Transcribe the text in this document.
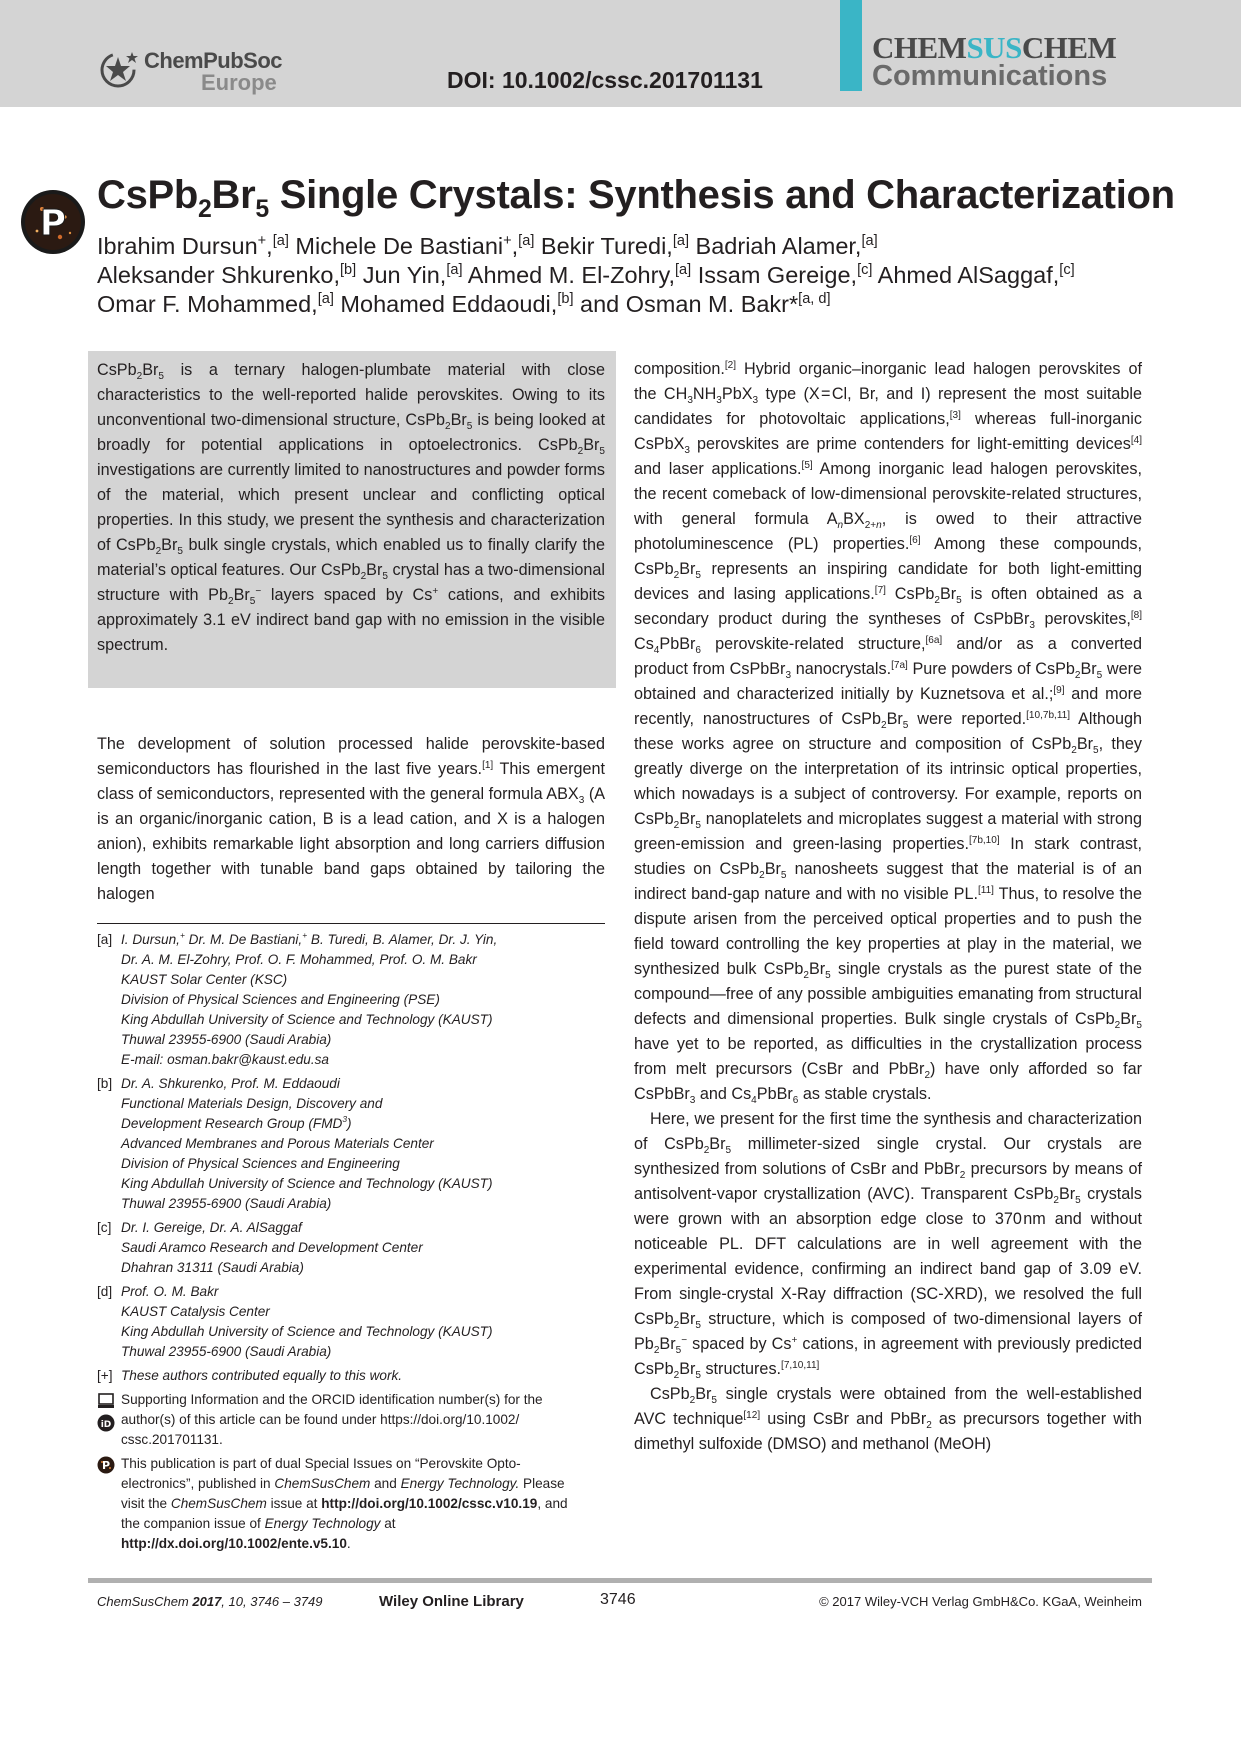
ChemPubSoc
Europe	DOI: 10.1002/cssc.201701131
CHEMSUSCHEM
Communications
P
$CsPb_2Br_5$ Single Crystals: Synthesis and Characterization
Ibrahim Dursun+,[a] Michele De Bastiani+,[a] Bekir Turedi,[a] Badriah Alamer,[a]
Aleksander Shkurenko,[b] Jun Yin,[a] Ahmed M. El-Zohry,[a] Issam Gereige,[c] Ahmed AlSaggaf,[c]
Omar F. Mohammed,[a] Mohamed Eddaoudi,[b] and Osman M. Bakr*[a, d]
$CsPb_2Br_5$ is a ternary halogen-plumbate material with close characteristics to the well-reported halide perovskites. Owing to its unconventional two-dimensional structure, $CsPb_2Br_5$ is being looked at broadly for potential applications in optoelectronics. $CsPb_2Br_5$ investigations are currently limited to nanostructures and powder forms of the material, which present unclear and conflicting optical properties. In this study, we present the synthesis and characterization of $CsPb_2Br_5$ bulk single crystals, which enabled us to finally clarify the material’s optical features. Our $CsPb_2Br_5$ crystal has a two-dimensional structure with $Pb_2Br_5^-$ layers spaced by Cs+ cations, and exhibits approximately 3.1 eV indirect band gap with no emission in the visible spectrum.
The development of solution processed halide perovskite-based semiconductors has flourished in the last five years.[1] This emergent class of semiconductors, represented with the general formula $ABX_3$ (A is an organic/inorganic cation, B is a lead cation, and X is a halogen anion), exhibits remarkable light absorption and long carriers diffusion length together with tunable band gaps obtained by tailoring the halogen
[a] I. Dursun,+ Dr. M. De Bastiani,+ B. Turedi, B. Alamer, Dr. J. Yin,
Dr. A. M. El-Zohry, Prof. O. F. Mohammed, Prof. O. M. Bakr
KAUST Solar Center (KSC)
Division of Physical Sciences and Engineering (PSE)
King Abdullah University of Science and Technology (KAUST)
Thuwal 23955-6900 (Saudi Arabia)
E-mail: osman.bakr@kaust.edu.sa
[b] Dr. A. Shkurenko, Prof. M. Eddaoudi
Functional Materials Design, Discovery and
Development Research Group (FMD$^3$)
Advanced Membranes and Porous Materials Center
Division of Physical Sciences and Engineering
King Abdullah University of Science and Technology (KAUST)
Thuwal 23955-6900 (Saudi Arabia)
[c] Dr. I. Gereige, Dr. A. AlSaggaf
Saudi Aramco Research and Development Center
Dhahran 31311 (Saudi Arabia)
[d] Prof. O. M. Bakr
KAUST Catalysis Center
King Abdullah University of Science and Technology (KAUST)
Thuwal 23955-6900 (Saudi Arabia)
[+] These authors contributed equally to this work.
iD
Supporting Information and the ORCID identification number(s) for the
author(s) of this article can be found under https://doi.org/10.1002/
cssc.201701131.
P This publication is part of dual Special Issues on “Perovskite Opto-
electronics”, published in ChemSusChem and Energy Technology. Please
visit the ChemSusChem issue at http://doi.org/10.1002/cssc.v10.19, and
the companion issue of Energy Technology at
http://dx.doi.org/10.1002/ente.v5.10.

composition.[2] Hybrid organic–inorganic lead halogen perovskites of the $CH_3NH_3PbX_3$ type (X = Cl, Br, and I) represent the most suitable candidates for photovoltaic applications,[3] whereas full-inorganic CsPbX$_3$ perovskites are prime contenders for light-emitting devices[4] and laser applications.[5] Among inorganic lead halogen perovskites, the recent comeback of low-dimensional perovskite-related structures, with general formula $A_nBX_{2+n}$, is owed to their attractive photoluminescence (PL) properties.[6] Among these compounds, $CsPb_2Br_5$ represents an inspiring candidate for both light-emitting devices and lasing applications.[7] $CsPb_2Br_5$ is often obtained as a secondary product during the syntheses of CsPbBr$_3$ perovskites,[8] $Cs_4PbBr_6$ perovskite-related structure,[6a] and/or as a converted product from CsPbBr$_3$ nanocrystals.[7a] Pure powders of $CsPb_2Br_5$ were obtained and characterized initially by Kuznetsova et al.;[9] and more recently, nanostructures of $CsPb_2Br_5$ were reported.[10,7b,11] Although these works agree on structure and composition of $CsPb_2Br_5$, they greatly diverge on the interpretation of its intrinsic optical properties, which nowadays is a subject of controversy. For example, reports on $CsPb_2Br_5$ nanoplatelets and microplates suggest a material with strong green-emission and green-lasing properties.[7b,10] In stark contrast, studies on $CsPb_2Br_5$ nanosheets suggest that the material is of an indirect band-gap nature and with no visible PL.[11] Thus, to resolve the dispute arisen from the perceived optical properties and to push the field toward controlling the key properties at play in the material, we synthesized bulk $CsPb_2Br_5$ single crystals as the purest state of the compound—free of any possible ambiguities emanating from structural defects and dimensional properties. Bulk single crystals of $CsPb_2Br_5$ have yet to be reported, as difficulties in the crystallization process from melt precursors (CsBr and PbBr$_2$) have only afforded so far CsPbBr$_3$ and $Cs_4PbBr_6$ as stable crystals.

Here, we present for the first time the synthesis and characterization of $CsPb_2Br_5$ millimeter-sized single crystal. Our crystals are synthesized from solutions of CsBr and PbBr$_2$ precursors by means of antisolvent-vapor crystallization (AVC). Transparent $CsPb_2Br_5$ crystals were grown with an absorption edge close to 370 nm and without noticeable PL. DFT calculations are in well agreement with the experimental evidence, confirming an indirect band gap of 3.09 eV. From single-crystal X-Ray diffraction (SC-XRD), we resolved the full $CsPb_2Br_5$ structure, which is composed of two-dimensional layers of $Pb_2Br_5^-$ spaced by Cs+ cations, in agreement with previously predicted $CsPb_2Br_5$ structures.[7,10,11]

$CsPb_2Br_5$ single crystals were obtained from the well-established AVC technique[12] using CsBr and PbBr$_2$ as precursors together with dimethyl sulfoxide (DMSO) and methanol (MeOH)

ChemSusChem 2017, 10, 3746 – 3749	Wiley Online Library	3746	© 2017 Wiley-VCH Verlag GmbH&Co. KGaA, Weinheim
